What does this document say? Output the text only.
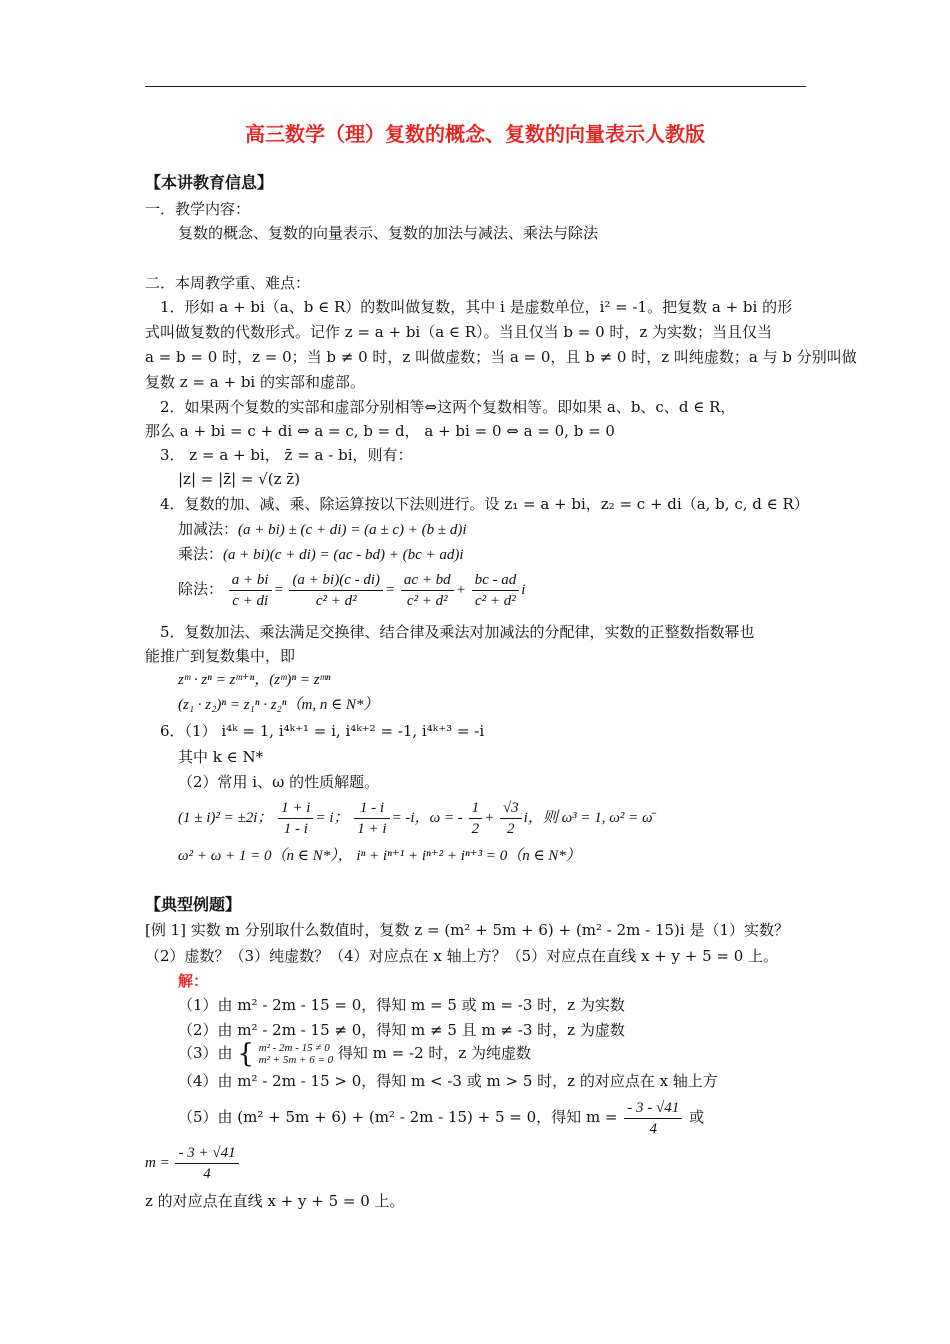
高三数学（理）复数的概念、复数的向量表示人教版
【本讲教育信息】
一．教学内容：
复数的概念、复数的向量表示、复数的加法与减法、乘法与除法
二．本周教学重、难点：
1．形如 a + bi（a、b ∈ R）的数叫做复数，其中 i 是虚数单位，i² = -1。把复数 a + bi 的形
式叫做复数的代数形式。记作 z = a + bi（a ∈ R）。当且仅当 b = 0 时，z 为实数；当且仅当
a = b = 0 时，z = 0；当 b ≠ 0 时，z 叫做虚数；当 a = 0，且 b ≠ 0 时，z 叫纯虚数；a 与 b 分别叫做
复数 z = a + bi 的实部和虚部。
2．如果两个复数的实部和虚部分别相等⇔这两个复数相等。即如果 a、b、c、d ∈ R，
那么 a + bi = c + di ⇔ a = c, b = d， a + bi = 0 ⇔ a = 0, b = 0
3． z = a + bi， z̄ = a - bi，则有：
|z| = |z̄| = √(z z̄)
4．复数的加、减、乘、除运算按以下法则进行。设 z₁ = a + bi，z₂ = c + di（a, b, c, d ∈ R）
加减法：(a + bi) ± (c + di) = (a ± c) + (b ± d)i
乘法：(a + bi)(c + di) = (ac - bd) + (bc + ad)i
除法： $\frac{a + bi}{c + di} = \frac{(a + bi)(c - di)}{\text{c² + d²}} = \frac{ac + bd}{\text{c² + d²}} + \frac{bc - ad}{\text{c² + d²}}$ i
5．复数加法、乘法满足交换律、结合律及乘法对加减法的分配律，实数的正整数指数幂也
能推广到复数集中，即
zᵐ · zⁿ = zᵐ⁺ⁿ，(zᵐ)ⁿ = zᵐⁿ
(z₁ · z₂)ⁿ = z₁ⁿ · z₂ⁿ（m, n ∈ N*）
6．（1） i⁴ᵏ = 1, i⁴ᵏ⁺¹ = i, i⁴ᵏ⁺² = -1, i⁴ᵏ⁺³ = -i
其中 k ∈ N*
（2）常用 i、ω 的性质解题。
(1 ± i)² = ±2i； $\frac{1 + i}{1 - i} = i$； $\frac{1 - i}{1 + i} = -i$，ω = - $\frac{1}{2} + \frac{√3}{2}$ i，则 ω³ = 1, ω² = ω̄
ω² + ω + 1 = 0（n ∈ N*）， iⁿ + iⁿ⁺¹ + iⁿ⁺² + iⁿ⁺³ = 0（n ∈ N*）
【典型例题】
[例 1] 实数 m 分别取什么数值时，复数 z = (m² + 5m + 6) + (m² - 2m - 15)i 是（1）实数？
（2）虚数？（3）纯虚数？（4）对应点在 x 轴上方？（5）对应点在直线 x + y + 5 = 0 上。
解：
（1）由 m² - 2m - 15 = 0，得知 m = 5 或 m = -3 时，z 为实数
（2）由 m² - 2m - 15 ≠ 0，得知 m ≠ 5 且 m ≠ -3 时，z 为虚数
（3）由 { m² - 2m - 15 ≠ 0
m² + 5m + 6 = 0 得知 m = -2 时，z 为纯虚数
（4）由 m² - 2m - 15 > 0，得知 m < -3 或 m > 5 时，z 的对应点在 x 轴上方
（5）由 (m² + 5m + 6) + (m² - 2m - 15) + 5 = 0，得知 $m = \frac{- 3 - √41}{4}$ 或
$m = \frac{- 3 + √41}{4}$
z 的对应点在直线 x + y + 5 = 0 上。
